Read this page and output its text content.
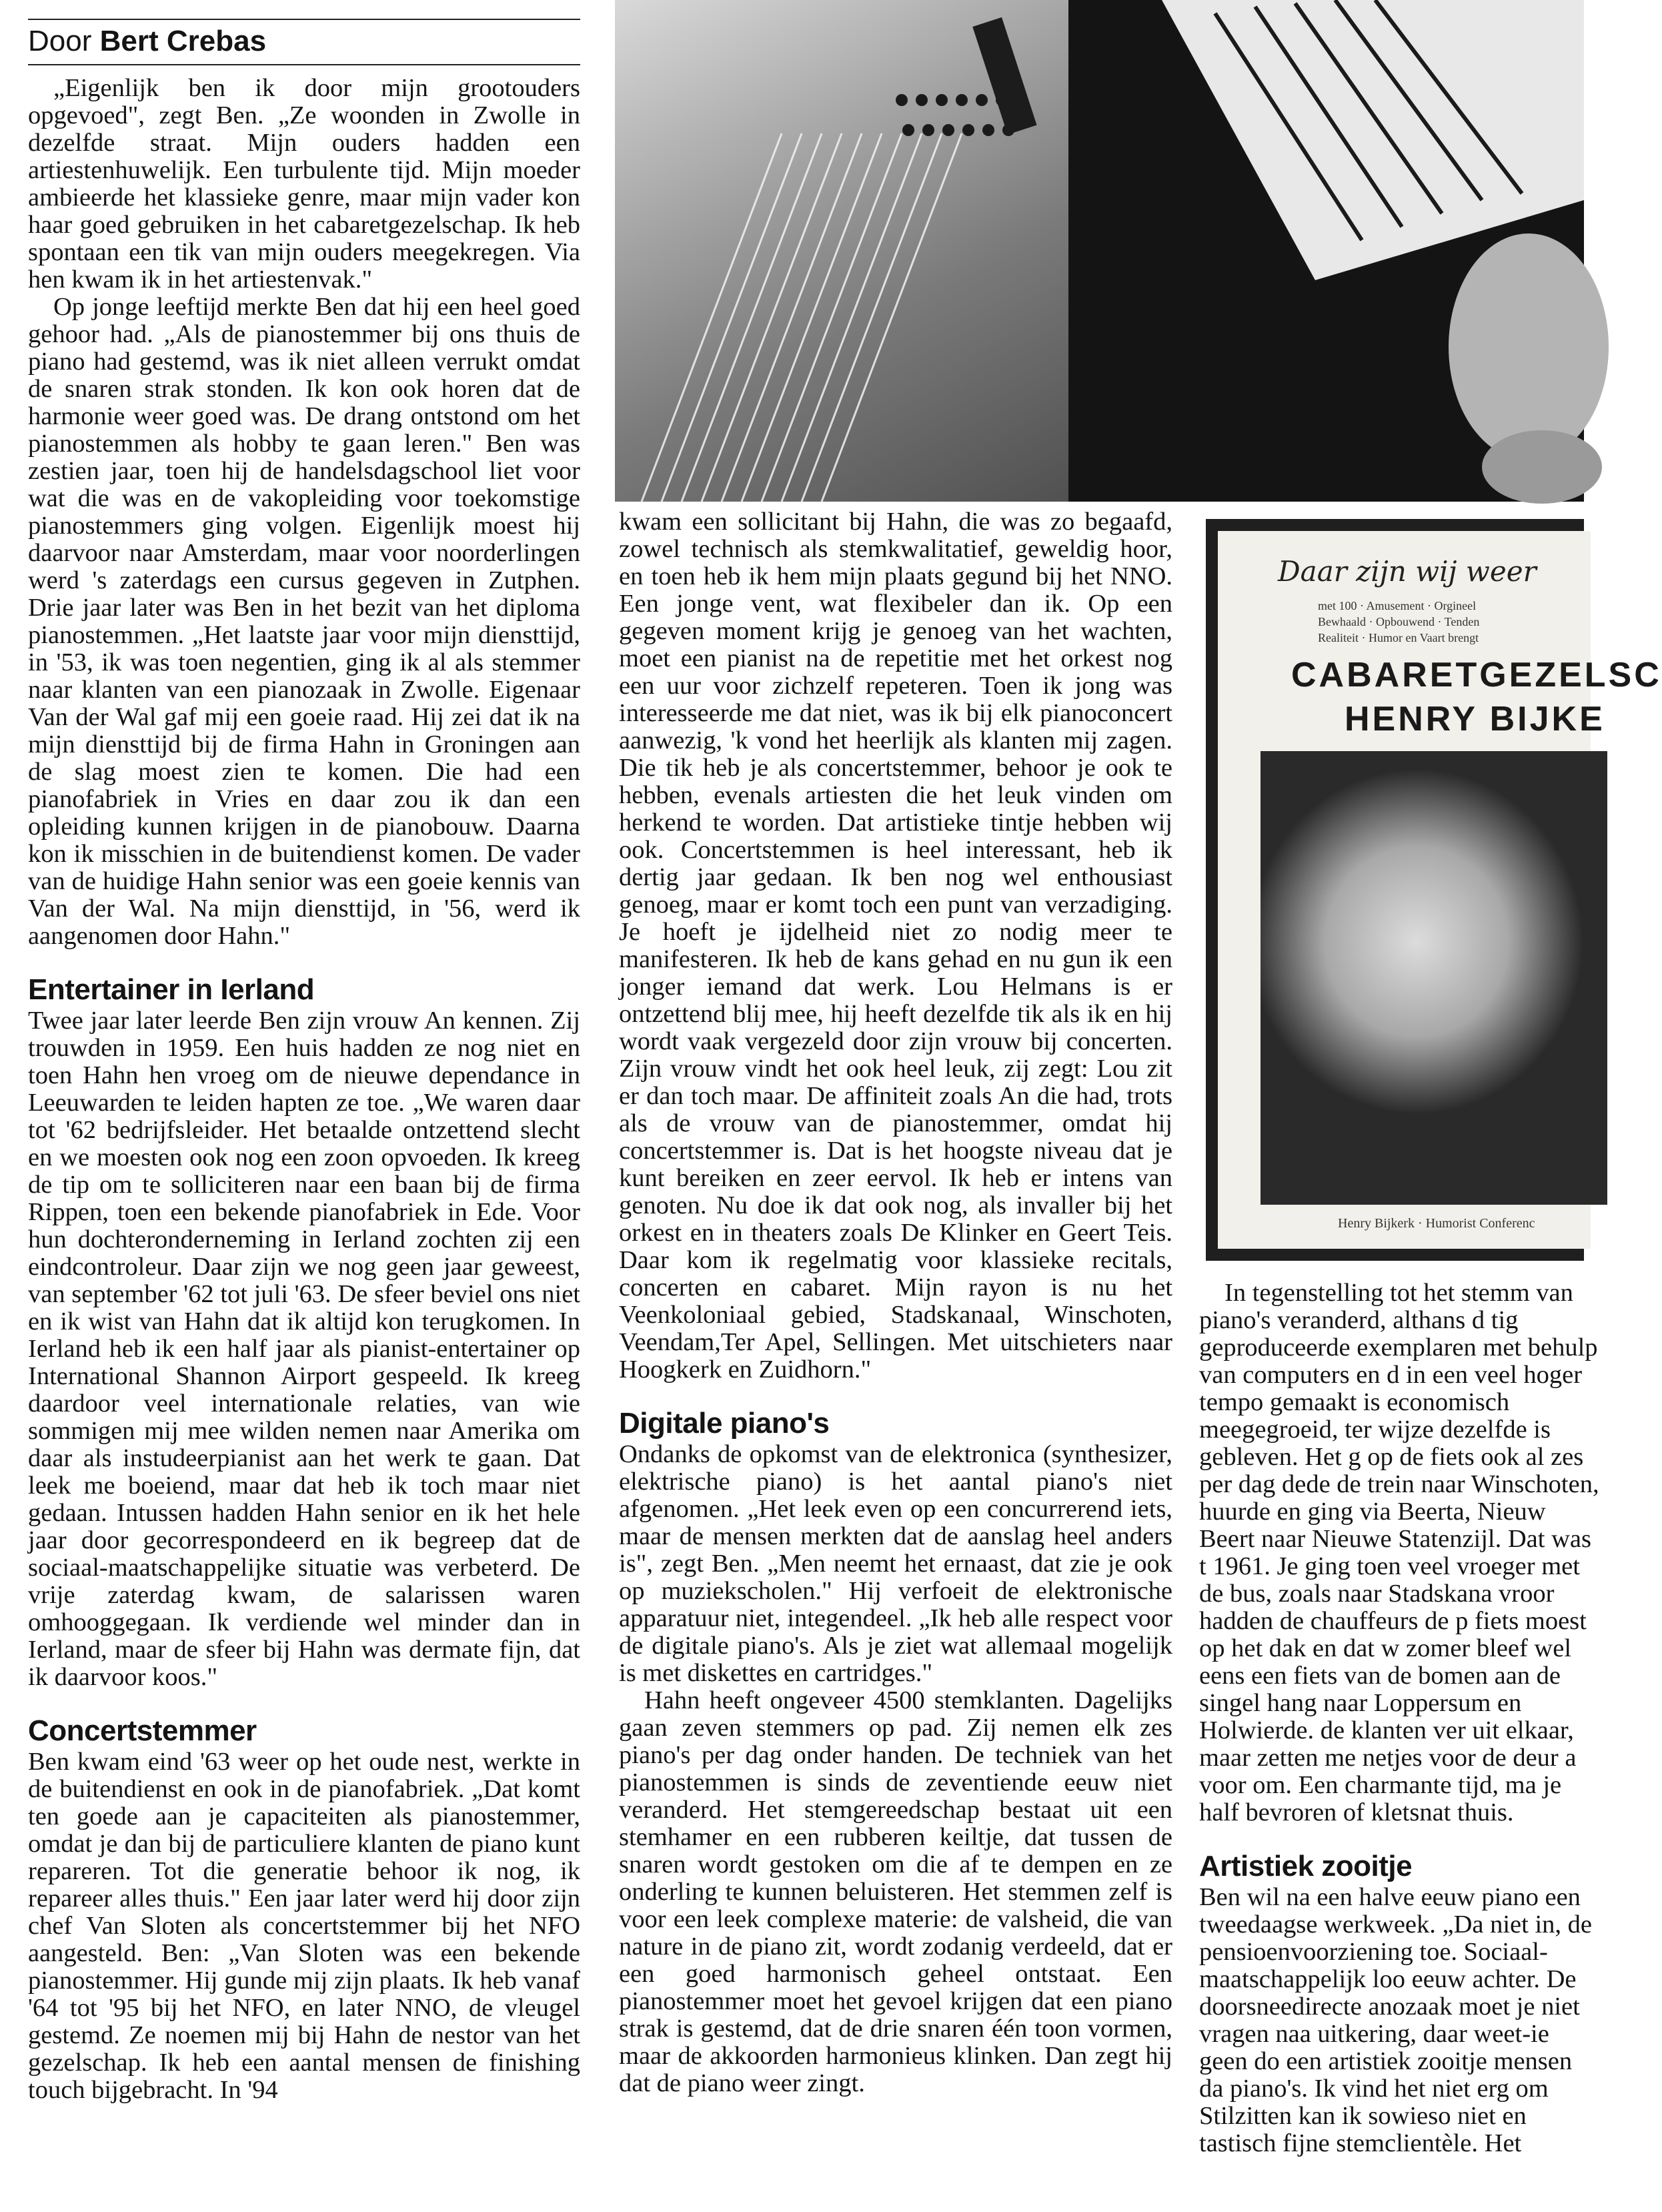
Door Bert Crebas

„Eigenlijk ben ik door mijn grootouders opgevoed", zegt Ben. „Ze woonden in Zwolle in dezelfde straat. Mijn ouders hadden een artiestenhuwelijk. Een turbulente tijd. Mijn moeder ambieerde het klassieke genre, maar mijn vader kon haar goed gebruiken in het cabaretgezelschap. Ik heb spontaan een tik van mijn ouders meegekregen. Via hen kwam ik in het artiestenvak."

Op jonge leeftijd merkte Ben dat hij een heel goed gehoor had. „Als de pianostemmer bij ons thuis de piano had gestemd, was ik niet alleen verrukt omdat de snaren strak stonden. Ik kon ook horen dat de harmonie weer goed was. De drang ontstond om het pianostemmen als hobby te gaan leren." Ben was zestien jaar, toen hij de handelsdagschool liet voor wat die was en de vakopleiding voor toekomstige pianostemmers ging volgen. Eigenlijk moest hij daarvoor naar Amsterdam, maar voor noorderlingen werd 's zaterdags een cursus gegeven in Zutphen. Drie jaar later was Ben in het bezit van het diploma pianostemmen. „Het laatste jaar voor mijn diensttijd, in '53, ik was toen negentien, ging ik al als stemmer naar klanten van een pianozaak in Zwolle. Eigenaar Van der Wal gaf mij een goeie raad. Hij zei dat ik na mijn diensttijd bij de firma Hahn in Groningen aan de slag moest zien te komen. Die had een pianofabriek in Vries en daar zou ik dan een opleiding kunnen krijgen in de pianobouw. Daarna kon ik misschien in de buitendienst komen. De vader van de huidige Hahn senior was een goeie kennis van Van der Wal. Na mijn diensttijd, in '56, werd ik aangenomen door Hahn."

Entertainer in Ierland

Twee jaar later leerde Ben zijn vrouw An kennen. Zij trouwden in 1959. Een huis hadden ze nog niet en toen Hahn hen vroeg om de nieuwe dependance in Leeuwarden te leiden hapten ze toe. „We waren daar tot '62 bedrijfsleider. Het betaalde ontzettend slecht en we moesten ook nog een zoon opvoeden. Ik kreeg de tip om te solliciteren naar een baan bij de firma Rippen, toen een bekende pianofabriek in Ede. Voor hun dochteronderneming in Ierland zochten zij een eindcontroleur. Daar zijn we nog geen jaar geweest, van september '62 tot juli '63. De sfeer beviel ons niet en ik wist van Hahn dat ik altijd kon terugkomen. In Ierland heb ik een half jaar als pianist-entertainer op International Shannon Airport gespeeld. Ik kreeg daardoor veel internationale relaties, van wie sommigen mij mee wilden nemen naar Amerika om daar als instudeerpianist aan het werk te gaan. Dat leek me boeiend, maar dat heb ik toch maar niet gedaan. Intussen hadden Hahn senior en ik het hele jaar door gecorrespondeerd en ik begreep dat de sociaal-maatschappelijke situatie was verbeterd. De vrije zaterdag kwam, de salarissen waren omhooggegaan. Ik verdiende wel minder dan in Ierland, maar de sfeer bij Hahn was dermate fijn, dat ik daarvoor koos."

Concertstemmer

Ben kwam eind '63 weer op het oude nest, werkte in de buitendienst en ook in de pianofabriek. „Dat komt ten goede aan je capaciteiten als pianostemmer, omdat je dan bij de particuliere klanten de piano kunt repareren. Tot die generatie behoor ik nog, ik repareer alles thuis." Een jaar later werd hij door zijn chef Van Sloten als concertstemmer bij het NFO aangesteld. Ben: „Van Sloten was een bekende pianostemmer. Hij gunde mij zijn plaats. Ik heb vanaf '64 tot '95 bij het NFO, en later NNO, de vleugel gestemd. Ze noemen mij bij Hahn de nestor van het gezelschap. Ik heb een aantal mensen de finishing touch bijgebracht. In '94

kwam een sollicitant bij Hahn, die was zo begaafd, zowel technisch als stemkwalitatief, geweldig hoor, en toen heb ik hem mijn plaats gegund bij het NNO. Een jonge vent, wat flexibeler dan ik. Op een gegeven moment krijg je genoeg van het wachten, moet een pianist na de repetitie met het orkest nog een uur voor zichzelf repeteren. Toen ik jong was interesseerde me dat niet, was ik bij elk pianoconcert aanwezig, 'k vond het heerlijk als klanten mij zagen. Die tik heb je als concertstemmer, behoor je ook te hebben, evenals artiesten die het leuk vinden om herkend te worden. Dat artistieke tintje hebben wij ook. Concertstemmen is heel interessant, heb ik dertig jaar gedaan. Ik ben nog wel enthousiast genoeg, maar er komt toch een punt van verzadiging. Je hoeft je ijdelheid niet zo nodig meer te manifesteren. Ik heb de kans gehad en nu gun ik een jonger iemand dat werk. Lou Helmans is er ontzettend blij mee, hij heeft dezelfde tik als ik en hij wordt vaak vergezeld door zijn vrouw bij concerten. Zijn vrouw vindt het ook heel leuk, zij zegt: Lou zit er dan toch maar. De affiniteit zoals An die had, trots als de vrouw van de pianostemmer, omdat hij concertstemmer is. Dat is het hoogste niveau dat je kunt bereiken en zeer eervol. Ik heb er intens van genoten. Nu doe ik dat ook nog, als invaller bij het orkest en in theaters zoals De Klinker en Geert Teis. Daar kom ik regelmatig voor klassieke recitals, concerten en cabaret. Mijn rayon is nu het Veenkoloniaal gebied, Stadskanaal, Winschoten, Veendam,Ter Apel, Sellingen. Met uitschieters naar Hoogkerk en Zuidhorn."

Digitale piano's

Ondanks de opkomst van de elektronica (synthesizer, elektrische piano) is het aantal piano's niet afgenomen. „Het leek even op een concurrerend iets, maar de mensen merkten dat de aanslag heel anders is", zegt Ben. „Men neemt het ernaast, dat zie je ook op muziekscholen." Hij verfoeit de elektronische apparatuur niet, integendeel. „Ik heb alle respect voor de digitale piano's. Als je ziet wat allemaal mogelijk is met diskettes en cartridges."

Hahn heeft ongeveer 4500 stemklanten. Dagelijks gaan zeven stemmers op pad. Zij nemen elk zes piano's per dag onder handen. De techniek van het pianostemmen is sinds de zeventiende eeuw niet veranderd. Het stemgereedschap bestaat uit een stemhamer en een rubberen keiltje, dat tussen de snaren wordt gestoken om die af te dempen en ze onderling te kunnen beluisteren. Het stemmen zelf is voor een leek complexe materie: de valsheid, die van nature in de piano zit, wordt zodanig verdeeld, dat er een goed harmonisch geheel ontstaat. Een pianostemmer moet het gevoel krijgen dat een piano strak is gestemd, dat de drie snaren één toon vormen, maar de akkoorden harmonieus klinken. Dan zegt hij dat de piano weer zingt.

Daar zijn wij weer
met 100 · Amusement · Orgineel
Bewhaald · Opbouwend · Tenden
Realiteit · Humor en Vaart brengt
CABARETGEZELSC
HENRY BIJKE
Henry Bijkerk · Humorist Conferenc

In tegenstelling tot het stemm van piano's veranderd, althans d tig geproduceerde exemplaren met behulp van computers en d in een veel hoger tempo gemaakt is economisch meegegroeid, ter wijze dezelfde is gebleven. Het g op de fiets ook al zes per dag dede de trein naar Winschoten, huurde en ging via Beerta, Nieuw Beert naar Nieuwe Statenzijl. Dat was t 1961. Je ging toen veel vroeger met de bus, zoals naar Stadskana vroor hadden de chauffeurs de p fiets moest op het dak en dat w zomer bleef wel eens een fiets van de bomen aan de singel hang naar Loppersum en Holwierde. de klanten ver uit elkaar, maar zetten me netjes voor de deur a voor om. Een charmante tijd, ma je half bevroren of kletsnat thuis.

Artistiek zooitje

Ben wil na een halve eeuw piano een tweedaagse werkweek. „Da niet in, de pensioenvoorziening toe. Sociaal-maatschappelijk loo eeuw achter. De doorsneedirecte anozaak moet je niet vragen naa uitkering, daar weet-ie geen do een artistiek zooitje mensen da piano's. Ik vind het niet erg om Stilzitten kan ik sowieso niet en tastisch fijne stemclientèle. Het
